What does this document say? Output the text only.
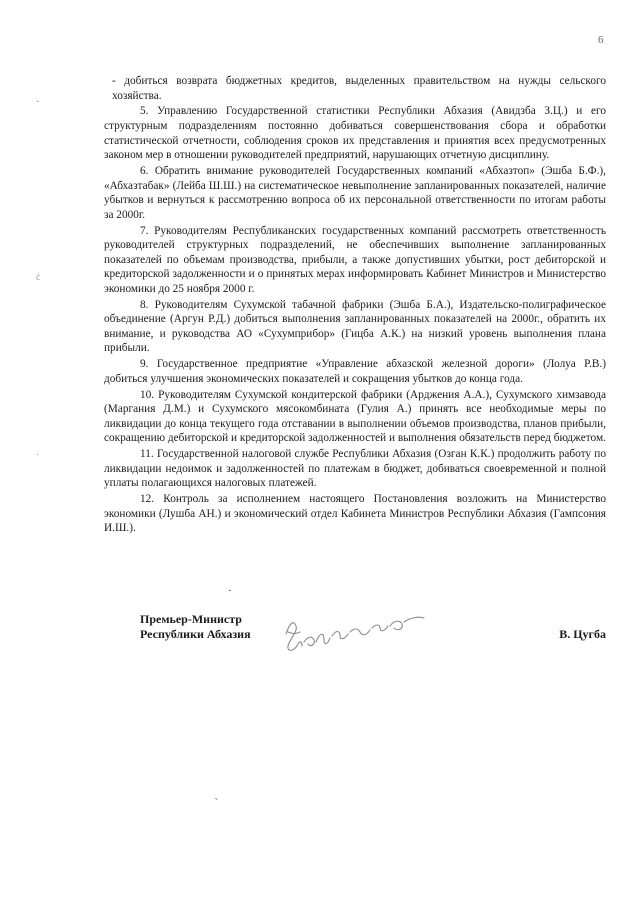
6
ˇ
ċ
˙

- добиться возврата бюджетных кредитов, выделенных правительством на нужды сельского хозяйства.

5. Управлению Государственной статистики Республики Абхазия (Авидзба З.Ц.) и его структурным подразделениям постоянно добиваться совершенствования сбора и обработки статистической отчетности, соблюдения сроков их представления и принятия всех предусмотренных законом мер в отношении руководителей предприятий, нарушающих отчетную дисциплину.

6. Обратить внимание руководителей Государственных компаний «Абхазтоп» (Эшба Б.Ф.), «Абхазтабак» (Лейба Ш.Ш.) на систематическое невыполнение запланированных показателей, наличие убытков и вернуться к рассмотрению вопроса об их персональной ответственности по итогам работы за 2000г.

7. Руководителям Республиканских государственных компаний рассмотреть ответственность руководителей структурных подразделений, не обеспечивших выполнение запланированных показателей по объемам производства, прибыли, а также допустивших убытки, рост дебиторской и кредиторской задолженности и о принятых мерах информировать Кабинет Министров и Министерство экономики до 25 ноября 2000 г.

8. Руководителям Сухумской табачной фабрики (Эшба Б.А.), Издательско-полиграфическое объединение (Аргун Р.Д.) добиться выполнения запланированных показателей на 2000г., обратить их внимание, и руководства АО «Сухумприбор» (Гицба А.К.) на низкий уровень выполнения плана прибыли.

9. Государственное предприятие «Управление абхазской железной дороги» (Лолуа Р.В.) добиться улучшения экономических показателей и сокращения убытков до конца года.

10. Руководителям Сухумской кондитерской фабрики (Арджения А.А.), Сухумского химзавода (Маргания Д.М.) и Сухумского мясокомбината (Гулия А.) принять все необходимые меры по ликвидации до конца текущего года отставании в выполнении объемов производства, планов прибыли, сокращению дебиторской и кредиторской задолженностей и выполнения обязательств перед бюджетом.

11. Государственной налоговой службе Республики Абхазия (Озган К.К.) продолжить работу по ликвидации недоимок и задолженностей по платежам в бюджет, добиваться своевременной и полной уплаты полагающихся налоговых платежей.

12. Контроль за исполнением настоящего Постановления возложить на Министерство экономики (Лушба АН.) и экономический отдел Кабинета Министров Республики Абхазия (Гампсония И.Ш.).

·
Премьер-Министр
Республики Абхазия	В. Цугба
ˎ
